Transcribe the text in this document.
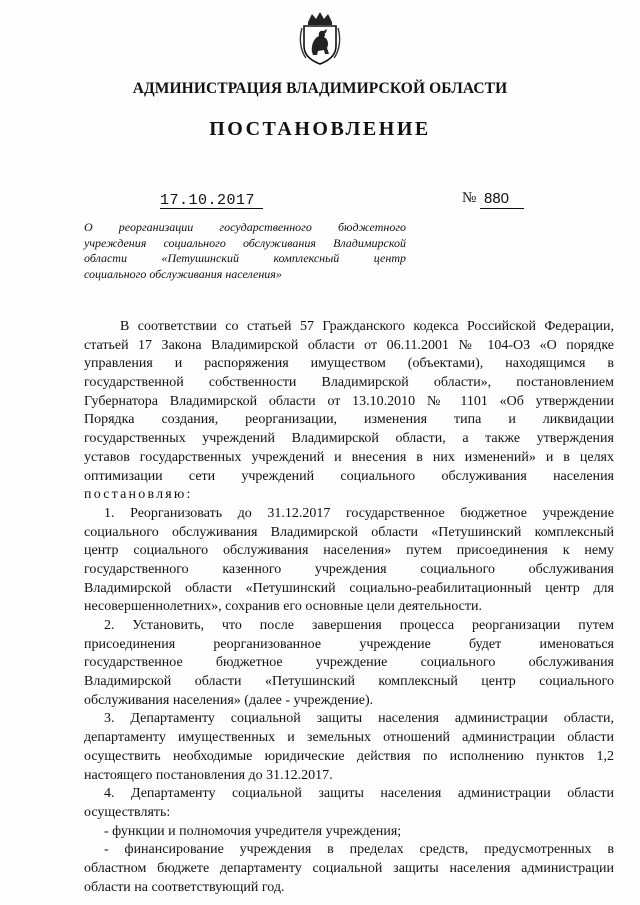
АДМИНИСТРАЦИЯ ВЛАДИМИРСКОЙ ОБЛАСТИ
ПОСТАНОВЛЕНИЕ
17.10.2017	№ 880
О реорганизации государственного бюджетного
учреждения социального обслуживания Владимирской
области «Петушинский комплексный центр
социального обслуживания населения»
В соответствии со статьей 57 Гражданского кодекса Российской Федерации,
статьей 17 Закона Владимирской области от 06.11.2001 № 104-ОЗ «О порядке
управления и распоряжения имуществом (объектами), находящимся в
государственной собственности Владимирской области», постановлением
Губернатора Владимирской области от 13.10.2010 № 1101 «Об утверждении
Порядка создания, реорганизации, изменения типа и ликвидации
государственных учреждений Владимирской области, а также утверждения
уставов государственных учреждений и внесения в них изменений» и в целях
оптимизации сети учреждений социального обслуживания населения
постановляю:
1. Реорганизовать до 31.12.2017 государственное бюджетное учреждение
социального обслуживания Владимирской области «Петушинский комплексный
центр социального обслуживания населения» путем присоединения к нему
государственного казенного учреждения социального обслуживания
Владимирской области «Петушинский социально-реабилитационный центр для
несовершеннолетних», сохранив его основные цели деятельности.
2. Установить, что после завершения процесса реорганизации путем
присоединения реорганизованное учреждение будет именоваться
государственное бюджетное учреждение социального обслуживания
Владимирской области «Петушинский комплексный центр социального
обслуживания населения» (далее - учреждение).
3. Департаменту социальной защиты населения администрации области,
департаменту имущественных и земельных отношений администрации области
осуществить необходимые юридические действия по исполнению пунктов 1,2
настоящего постановления до 31.12.2017.
4. Департаменту социальной защиты населения администрации области
осуществлять:
- функции и полномочия учредителя учреждения;
- финансирование учреждения в пределах средств, предусмотренных в
областном бюджете департаменту социальной защиты населения администрации
области на соответствующий год.
